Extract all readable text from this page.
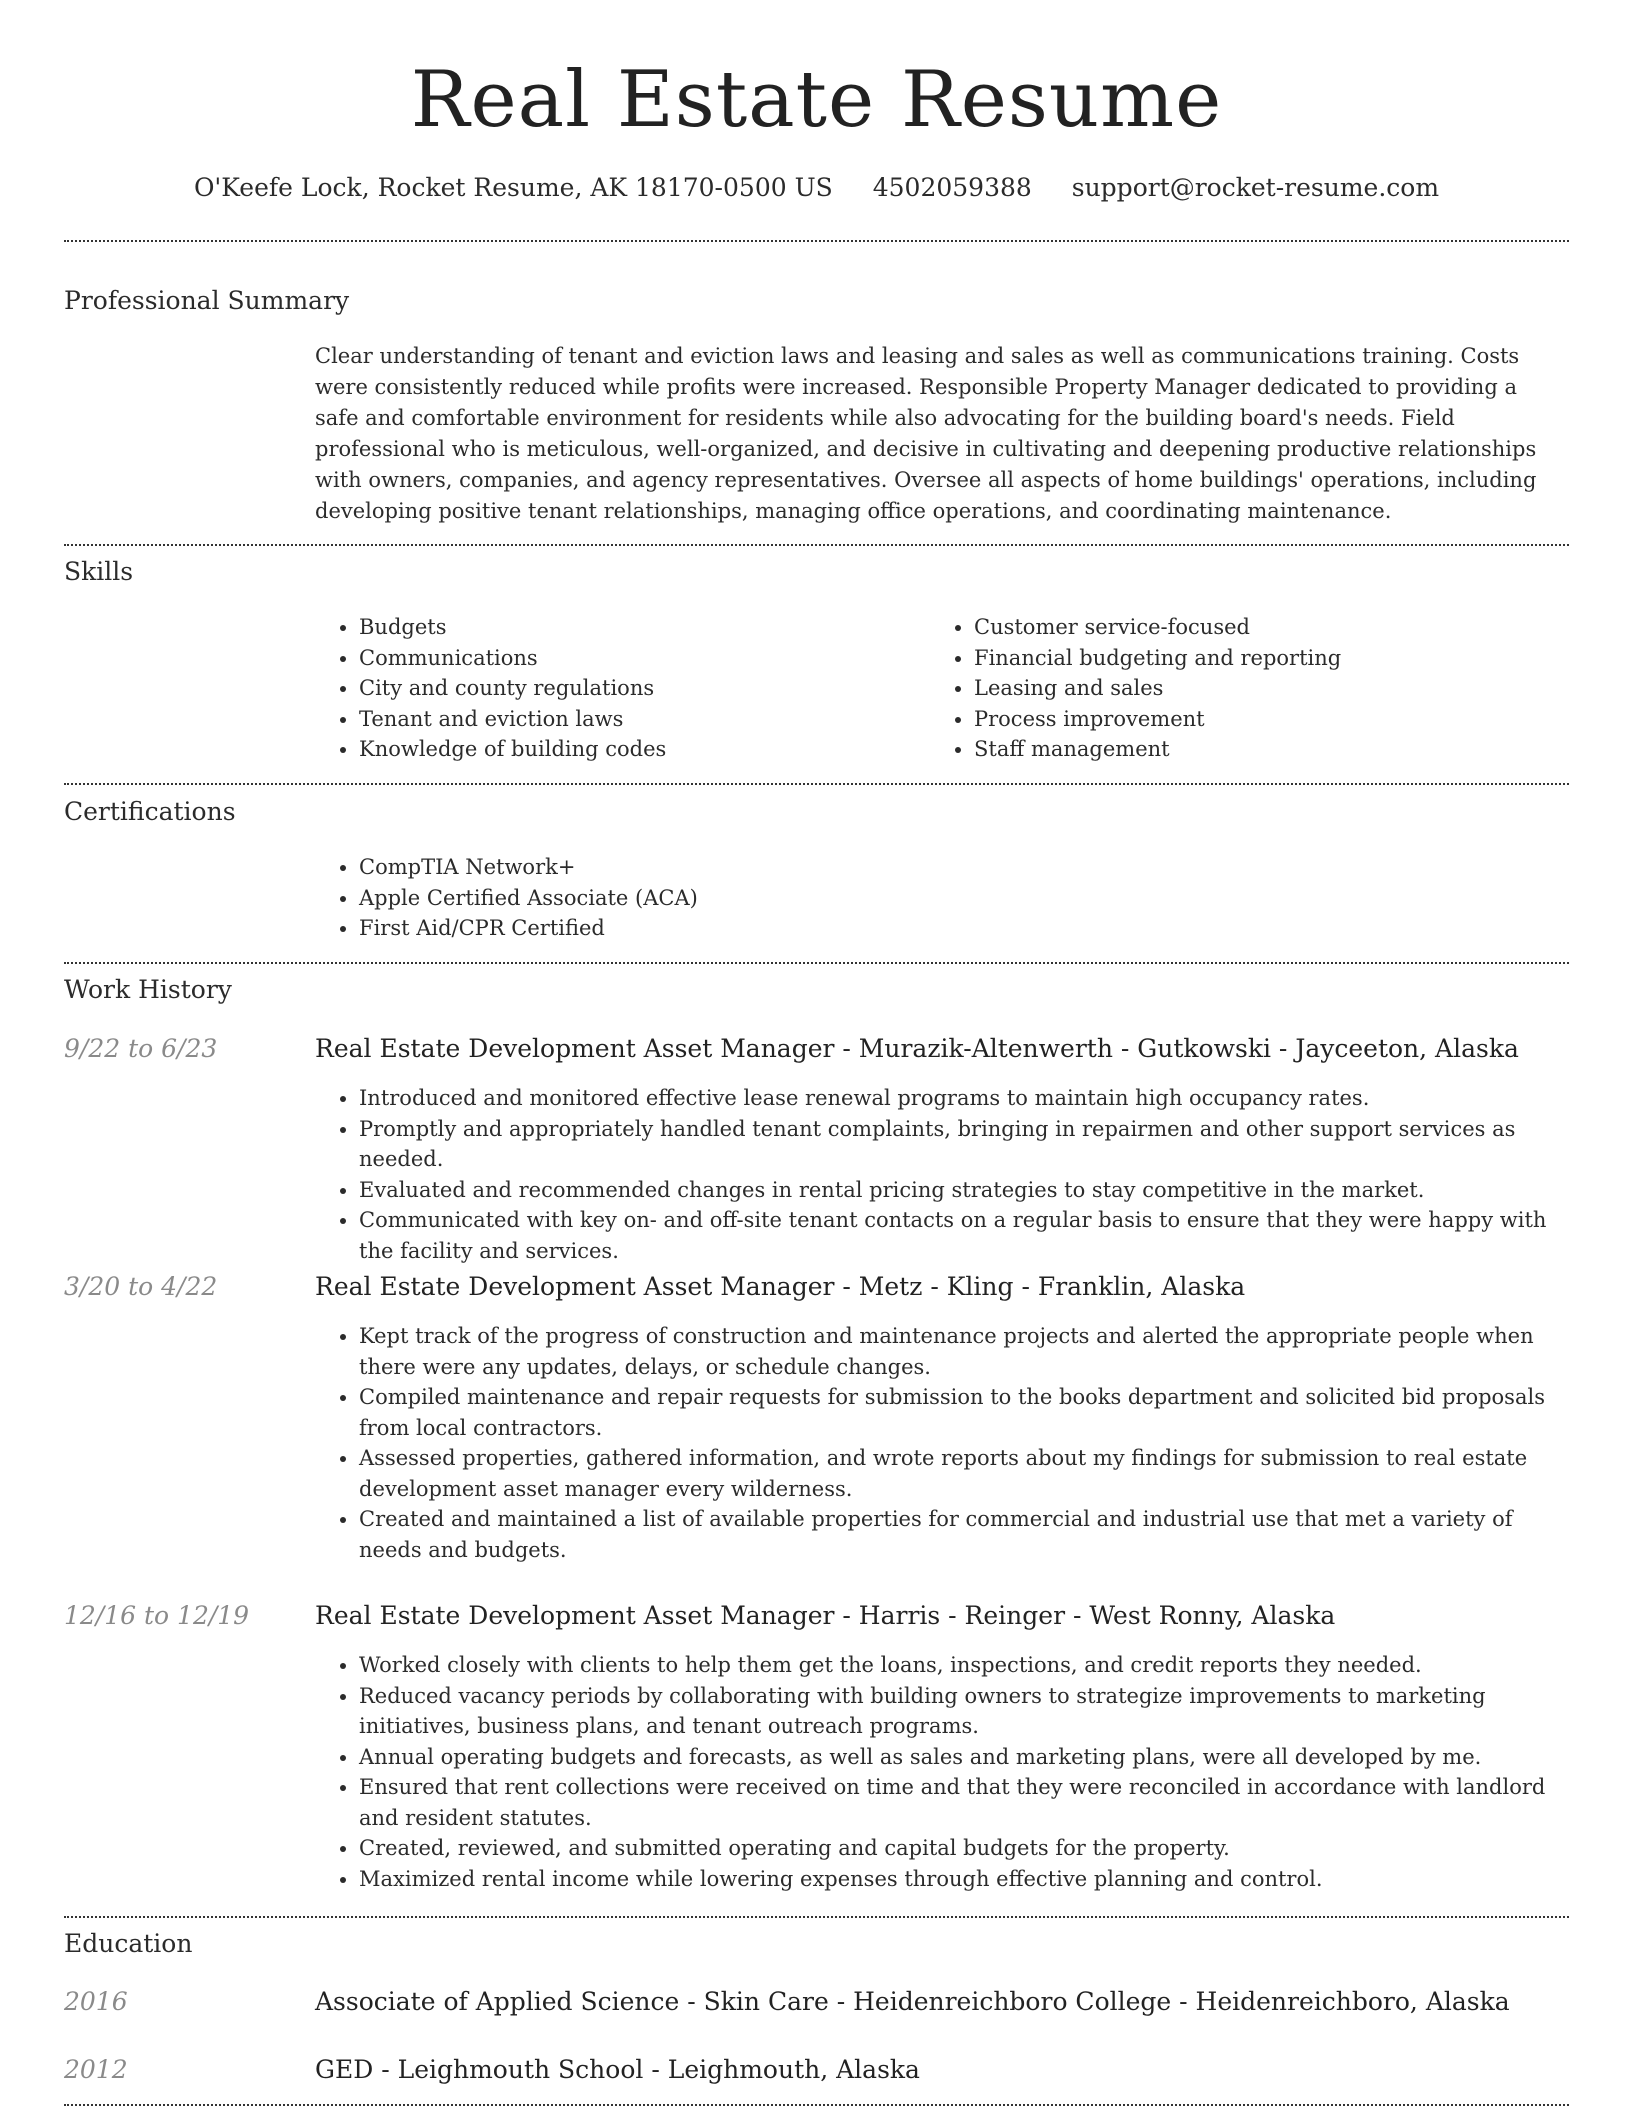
Real Estate Resume
O'Keefe Lock, Rocket Resume, AK 18170-0500 US 4502059388 support@rocket-resume.com
Professional Summary
Clear understanding of tenant and eviction laws and leasing and sales as well as communications training. Costs were consistently reduced while profits were increased. Responsible Property Manager dedicated to providing a safe and comfortable environment for residents while also advocating for the building board's needs. Field professional who is meticulous, well-organized, and decisive in cultivating and deepening productive relationships with owners, companies, and agency representatives. Oversee all aspects of home buildings' operations, including developing positive tenant relationships, managing office operations, and coordinating maintenance.
Skills
• Budgets
• Communications
• City and county regulations
• Tenant and eviction laws
• Knowledge of building codes
• Customer service-focused
• Financial budgeting and reporting
• Leasing and sales
• Process improvement
• Staff management
Certifications
• CompTIA Network+
• Apple Certified Associate (ACA)
• First Aid/CPR Certified
Work History
9/22 to 6/23	Real Estate Development Asset Manager - Murazik-Altenwerth - Gutkowski - Jayceeton, Alaska
• Introduced and monitored effective lease renewal programs to maintain high occupancy rates.
• Promptly and appropriately handled tenant complaints, bringing in repairmen and other support services as needed.
• Evaluated and recommended changes in rental pricing strategies to stay competitive in the market.
• Communicated with key on- and off-site tenant contacts on a regular basis to ensure that they were happy with the facility and services.
3/20 to 4/22	Real Estate Development Asset Manager - Metz - Kling - Franklin, Alaska
• Kept track of the progress of construction and maintenance projects and alerted the appropriate people when there were any updates, delays, or schedule changes.
• Compiled maintenance and repair requests for submission to the books department and solicited bid proposals from local contractors.
• Assessed properties, gathered information, and wrote reports about my findings for submission to real estate development asset manager every wilderness.
• Created and maintained a list of available properties for commercial and industrial use that met a variety of needs and budgets.
12/16 to 12/19	Real Estate Development Asset Manager - Harris - Reinger - West Ronny, Alaska
• Worked closely with clients to help them get the loans, inspections, and credit reports they needed.
• Reduced vacancy periods by collaborating with building owners to strategize improvements to marketing initiatives, business plans, and tenant outreach programs.
• Annual operating budgets and forecasts, as well as sales and marketing plans, were all developed by me.
• Ensured that rent collections were received on time and that they were reconciled in accordance with landlord and resident statutes.
• Created, reviewed, and submitted operating and capital budgets for the property.
• Maximized rental income while lowering expenses through effective planning and control.
Education
2016	Associate of Applied Science - Skin Care - Heidenreichboro College - Heidenreichboro, Alaska
2012	GED - Leighmouth School - Leighmouth, Alaska
